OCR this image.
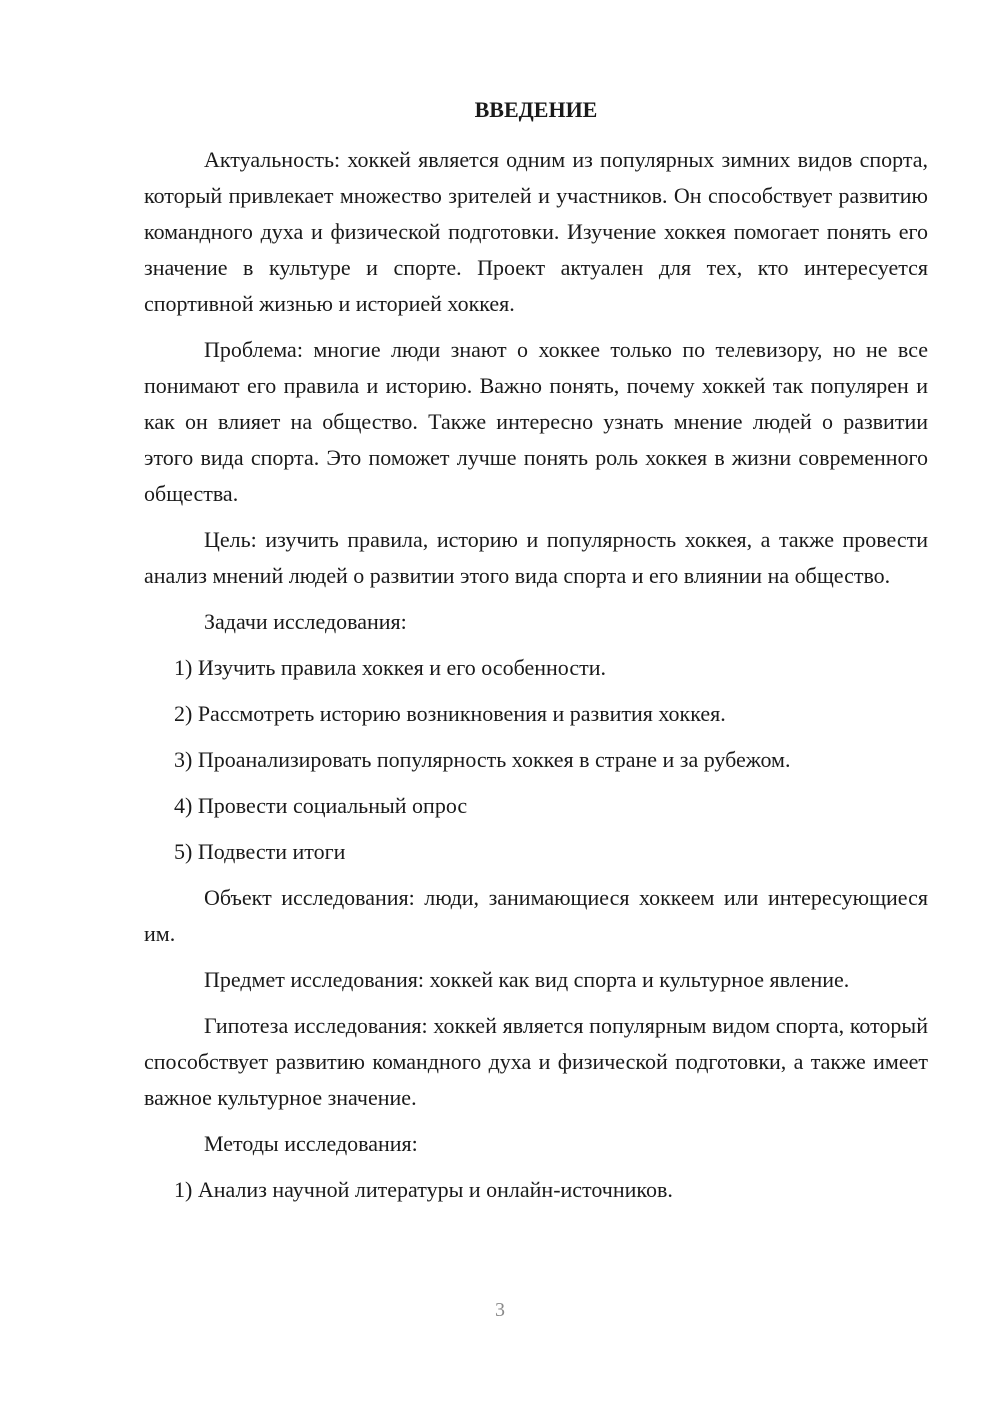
ВВЕДЕНИЕ

Актуальность: хоккей является одним из популярных зимних видов спорта, который привлекает множество зрителей и участников. Он способствует развитию командного духа и физической подготовки. Изучение хоккея помогает понять его значение в культуре и спорте. Проект актуален для тех, кто интересуется спортивной жизнью и историей хоккея.

Проблема: многие люди знают о хоккее только по телевизору, но не все понимают его правила и историю. Важно понять, почему хоккей так популярен и как он влияет на общество. Также интересно узнать мнение людей о развитии этого вида спорта. Это поможет лучше понять роль хоккея в жизни современного общества.

Цель: изучить правила, историю и популярность хоккея, а также провести анализ мнений людей о развитии этого вида спорта и его влиянии на общество.

Задачи исследования:

1) Изучить правила хоккея и его особенности.

2) Рассмотреть историю возникновения и развития хоккея.

3) Проанализировать популярность хоккея в стране и за рубежом.

4) Провести социальный опрос

5) Подвести итоги

Объект исследования: люди, занимающиеся хоккеем или интересующиеся им.

Предмет исследования: хоккей как вид спорта и культурное явление.

Гипотеза исследования: хоккей является популярным видом спорта, который способствует развитию командного духа и физической подготовки, а также имеет важное культурное значение.

Методы исследования:

1) Анализ научной литературы и онлайн-источников.

3
